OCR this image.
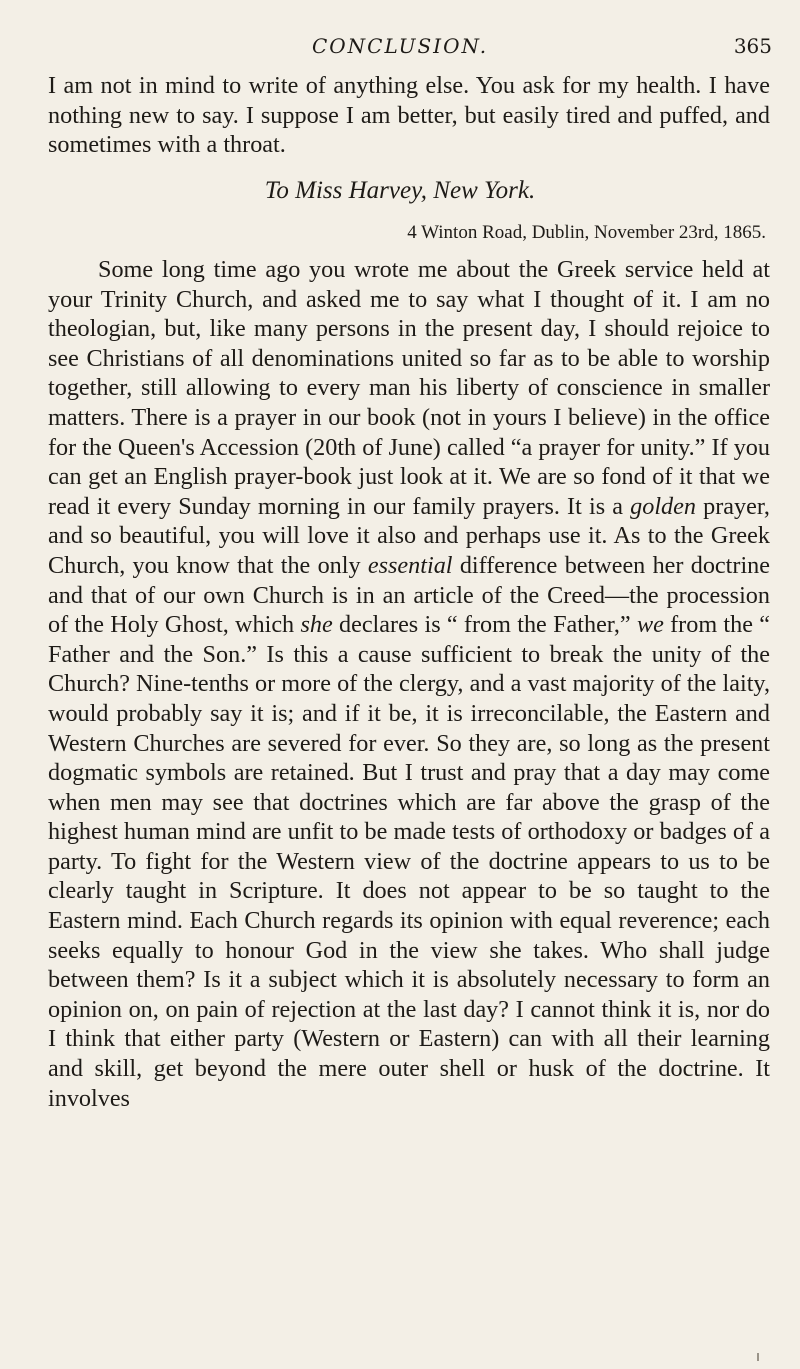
CONCLUSION.	365

I am not in mind to write of anything else. You ask for my health. I have nothing new to say. I suppose I am better, but easily tired and puffed, and sometimes with a throat.

To Miss Harvey, New York.
4 Winton Road, Dublin, November 23rd, 1865.

Some long time ago you wrote me about the Greek service held at your Trinity Church, and asked me to say what I thought of it. I am no theologian, but, like many persons in the present day, I should rejoice to see Christians of all denominations united so far as to be able to worship together, still allowing to every man his liberty of conscience in smaller matters. There is a prayer in our book (not in yours I believe) in the office for the Queen's Accession (20th of June) called “a prayer for unity.” If you can get an English prayer-book just look at it. We are so fond of it that we read it every Sunday morning in our family prayers. It is a golden prayer, and so beautiful, you will love it also and perhaps use it. As to the Greek Church, you know that the only essential difference between her doctrine and that of our own Church is in an article of the Creed—the procession of the Holy Ghost, which she declares is “ from the Father,” we from the “ Father and the Son.” Is this a cause sufficient to break the unity of the Church? Nine-tenths or more of the clergy, and a vast majority of the laity, would probably say it is; and if it be, it is irreconcilable, the Eastern and Western Churches are severed for ever. So they are, so long as the present dogmatic symbols are retained. But I trust and pray that a day may come when men may see that doctrines which are far above the grasp of the highest human mind are unfit to be made tests of orthodoxy or badges of a party. To fight for the Western view of the doctrine appears to us to be clearly taught in Scripture. It does not appear to be so taught to the Eastern mind. Each Church regards its opinion with equal reverence; each seeks equally to honour God in the view she takes. Who shall judge between them? Is it a subject which it is absolutely necessary to form an opinion on, on pain of rejection at the last day? I cannot think it is, nor do I think that either party (Western or Eastern) can with all their learning and skill, get beyond the mere outer shell or husk of the doctrine. It involves
